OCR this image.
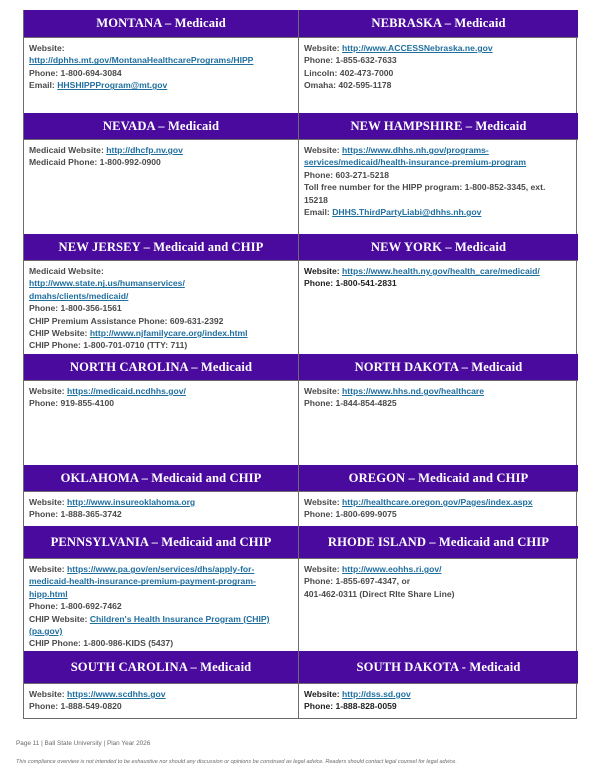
MONTANA – Medicaid
Website:
http://dphhs.mt.gov/MontanaHealthcarePrograms/HIPP
Phone: 1-800-694-3084
Email: HHSHIPPProgram@mt.gov
NEBRASKA – Medicaid
Website: http://www.ACCESSNebraska.ne.gov
Phone: 1-855-632-7633
Lincoln: 402-473-7000
Omaha: 402-595-1178
NEVADA – Medicaid
Medicaid Website: http://dhcfp.nv.gov
Medicaid Phone: 1-800-992-0900
NEW HAMPSHIRE – Medicaid
Website: https://www.dhhs.nh.gov/programs-
services/medicaid/health-insurance-premium-program
Phone: 603-271-5218
Toll free number for the HIPP program: 1-800-852-3345, ext.
15218
Email: DHHS.ThirdPartyLiabi@dhhs.nh.gov
NEW JERSEY – Medicaid and CHIP
Medicaid Website:
http://www.state.nj.us/humanservices/
dmahs/clients/medicaid/
Phone: 1-800-356-1561
CHIP Premium Assistance Phone: 609-631-2392
CHIP Website: http://www.njfamilycare.org/index.html
CHIP Phone: 1-800-701-0710 (TTY: 711)
NEW YORK – Medicaid
Website: https://www.health.ny.gov/health_care/medicaid/
Phone: 1-800-541-2831
NORTH CAROLINA – Medicaid
Website: https://medicaid.ncdhhs.gov/
Phone: 919-855-4100
NORTH DAKOTA – Medicaid
Website: https://www.hhs.nd.gov/healthcare
Phone: 1-844-854-4825
OKLAHOMA – Medicaid and CHIP
Website: http://www.insureoklahoma.org
Phone: 1-888-365-3742
OREGON – Medicaid and CHIP
Website: http://healthcare.oregon.gov/Pages/index.aspx
Phone: 1-800-699-9075
PENNSYLVANIA – Medicaid and CHIP
Website: https://www.pa.gov/en/services/dhs/apply-for-
medicaid-health-insurance-premium-payment-program-
hipp.html
Phone: 1-800-692-7462
CHIP Website: Children's Health Insurance Program (CHIP)
(pa.gov)
CHIP Phone: 1-800-986-KIDS (5437)
RHODE ISLAND – Medicaid and CHIP
Website: http://www.eohhs.ri.gov/
Phone: 1-855-697-4347, or
401-462-0311 (Direct RIte Share Line)
SOUTH CAROLINA – Medicaid
Website: https://www.scdhhs.gov
Phone: 1-888-549-0820
SOUTH DAKOTA - Medicaid
Website: http://dss.sd.gov
Phone: 1-888-828-0059
Page 11 | Ball State University | Plan Year 2026
This compliance overview is not intended to be exhaustive nor should any discussion or opinions be construed as legal advice. Readers should contact legal counsel for legal advice.
